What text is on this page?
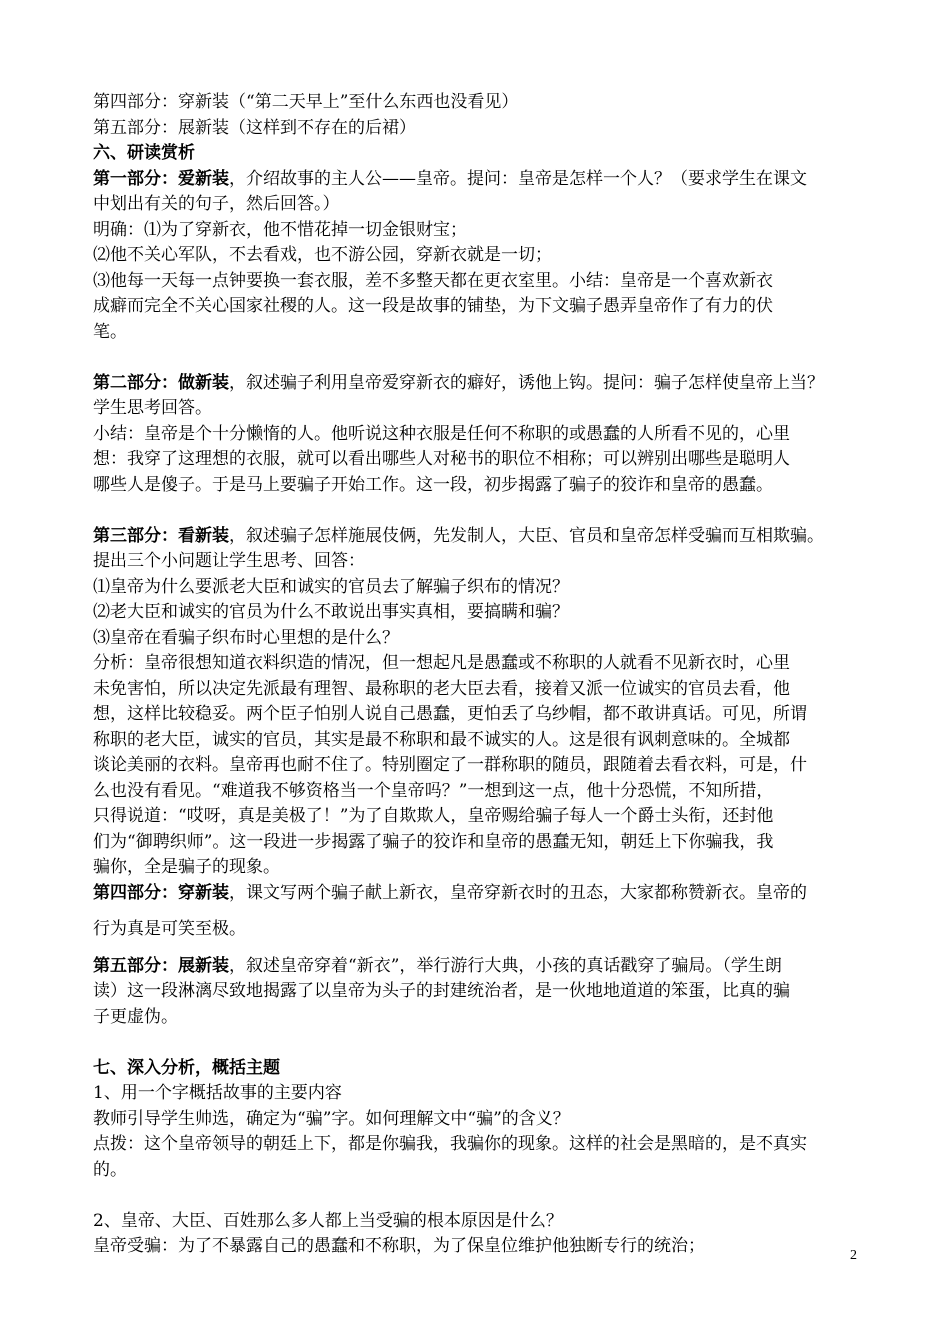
第四部分：穿新装（“第二天早上”至什么东西也没看见）
第五部分：展新装（这样到不存在的后裙）
六、研读赏析
第一部分：爱新装，介绍故事的主人公——皇帝。提问：皇帝是怎样一个人？（要求学生在课文
中划出有关的句子，然后回答。）
明确：⑴为了穿新衣，他不惜花掉一切金银财宝；
⑵他不关心军队，不去看戏，也不游公园，穿新衣就是一切；
⑶他每一天每一点钟要换一套衣服，差不多整天都在更衣室里。小结：皇帝是一个喜欢新衣
成癖而完全不关心国家社稷的人。这一段是故事的铺垫，为下文骗子愚弄皇帝作了有力的伏
笔。
第二部分：做新装，叙述骗子利用皇帝爱穿新衣的癖好，诱他上钩。提问：骗子怎样使皇帝上当？
学生思考回答。
小结：皇帝是个十分懒惰的人。他听说这种衣服是任何不称职的或愚蠢的人所看不见的，心里
想：我穿了这理想的衣服，就可以看出哪些人对秘书的职位不相称；可以辨别出哪些是聪明人
哪些人是傻子。于是马上要骗子开始工作。这一段，初步揭露了骗子的狡诈和皇帝的愚蠢。
第三部分：看新装，叙述骗子怎样施展伎俩，先发制人，大臣、官员和皇帝怎样受骗而互相欺骗。
提出三个小问题让学生思考、回答：
⑴皇帝为什么要派老大臣和诚实的官员去了解骗子织布的情况？
⑵老大臣和诚实的官员为什么不敢说出事实真相，要搞瞒和骗？
⑶皇帝在看骗子织布时心里想的是什么？
分析：皇帝很想知道衣料织造的情况，但一想起凡是愚蠢或不称职的人就看不见新衣时，心里
未免害怕，所以决定先派最有理智、最称职的老大臣去看，接着又派一位诚实的官员去看，他
想，这样比较稳妥。两个臣子怕别人说自己愚蠢，更怕丢了乌纱帽，都不敢讲真话。可见，所谓
称职的老大臣，诚实的官员，其实是最不称职和最不诚实的人。这是很有讽刺意味的。全城都
谈论美丽的衣料。皇帝再也耐不住了。特别圈定了一群称职的随员，跟随着去看衣料，可是，什
么也没有看见。“难道我不够资格当一个皇帝吗？”一想到这一点，他十分恐慌，不知所措，
只得说道：“哎呀，真是美极了！”为了自欺欺人，皇帝赐给骗子每人一个爵士头衔，还封他
们为“御聘织师”。这一段进一步揭露了骗子的狡诈和皇帝的愚蠢无知，朝廷上下你骗我，我
骗你，全是骗子的现象。
第四部分：穿新装，课文写两个骗子献上新衣，皇帝穿新衣时的丑态，大家都称赞新衣。皇帝的
行为真是可笑至极。
第五部分：展新装，叙述皇帝穿着“新衣”，举行游行大典，小孩的真话戳穿了骗局。（学生朗
读）这一段淋漓尽致地揭露了以皇帝为头子的封建统治者，是一伙地地道道的笨蛋，比真的骗
子更虚伪。
七、深入分析，概括主题
1、用一个字概括故事的主要内容
教师引导学生帅选，确定为“骗”字。如何理解文中“骗”的含义？
点拨：这个皇帝领导的朝廷上下，都是你骗我，我骗你的现象。这样的社会是黑暗的，是不真实
的。
2、皇帝、大臣、百姓那么多人都上当受骗的根本原因是什么？
皇帝受骗：为了不暴露自己的愚蠢和不称职，为了保皇位维护他独断专行的统治；	2
